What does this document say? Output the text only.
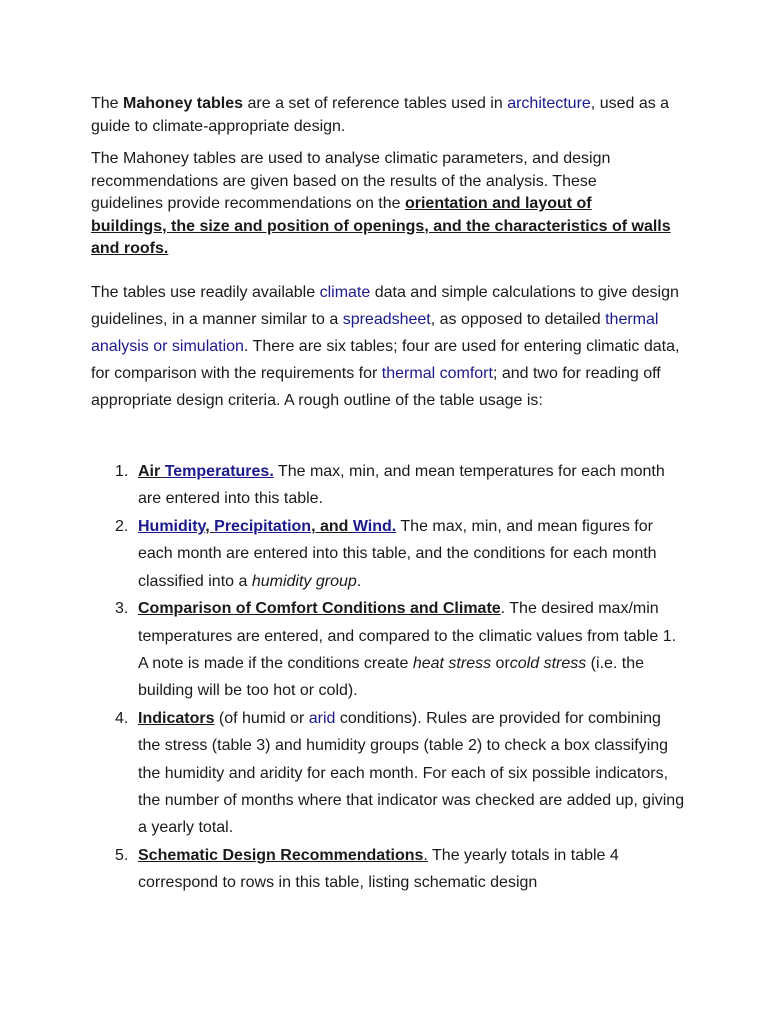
The Mahoney tables are a set of reference tables used in architecture, used as a guide to climate-appropriate design.

The Mahoney tables are used to analyse climatic parameters, and design recommendations are given based on the results of the analysis. These guidelines provide recommendations on the orientation and layout of buildings, the size and position of openings, and the characteristics of walls and roofs.

The tables use readily available climate data and simple calculations to give design guidelines, in a manner similar to a spreadsheet, as opposed to detailed thermal analysis or simulation. There are six tables; four are used for entering climatic data, for comparison with the requirements for thermal comfort; and two for reading off appropriate design criteria. A rough outline of the table usage is:

1. Air Temperatures. The max, min, and mean temperatures for each month are entered into this table.
2. Humidity, Precipitation, and Wind. The max, min, and mean figures for each month are entered into this table, and the conditions for each month classified into a humidity group.
3. Comparison of Comfort Conditions and Climate. The desired max/min temperatures are entered, and compared to the climatic values from table 1. A note is made if the conditions create heat stress orcold stress (i.e. the building will be too hot or cold).
4. Indicators (of humid or arid conditions). Rules are provided for combining the stress (table 3) and humidity groups (table 2) to check a box classifying the humidity and aridity for each month. For each of six possible indicators, the number of months where that indicator was checked are added up, giving a yearly total.
5. Schematic Design Recommendations. The yearly totals in table 4 correspond to rows in this table, listing schematic design
